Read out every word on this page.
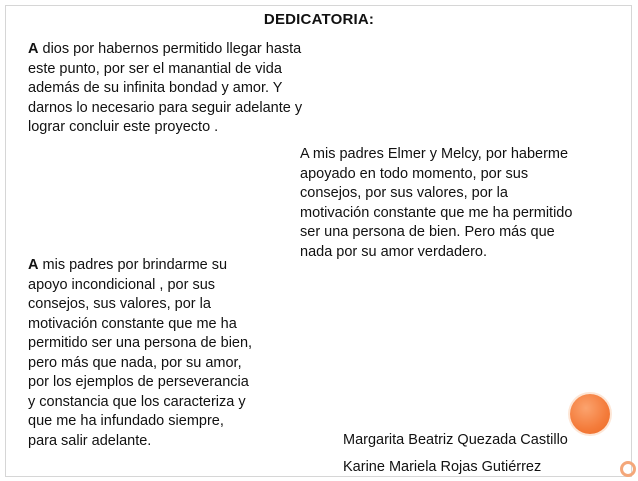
DEDICATORIA:
A dios por habernos permitido llegar hasta
este punto, por ser el manantial de vida
además de su infinita bondad y amor. Y
darnos lo necesario para seguir adelante y
lograr concluir este proyecto .
A mis padres Elmer y Melcy, por haberme
apoyado en todo momento, por sus
consejos, por sus valores, por la
motivación constante que me ha permitido
ser una persona de bien. Pero más que
nada por su amor verdadero.
A mis padres por brindarme su
apoyo incondicional , por sus
consejos, sus valores, por la
motivación constante que me ha
permitido ser una persona de bien,
pero más que nada, por su amor,
por los ejemplos de perseverancia
y constancia que los caracteriza y
que me ha infundado siempre,
para salir adelante.	Margarita Beatriz Quezada Castillo
Karine Mariela Rojas Gutiérrez
